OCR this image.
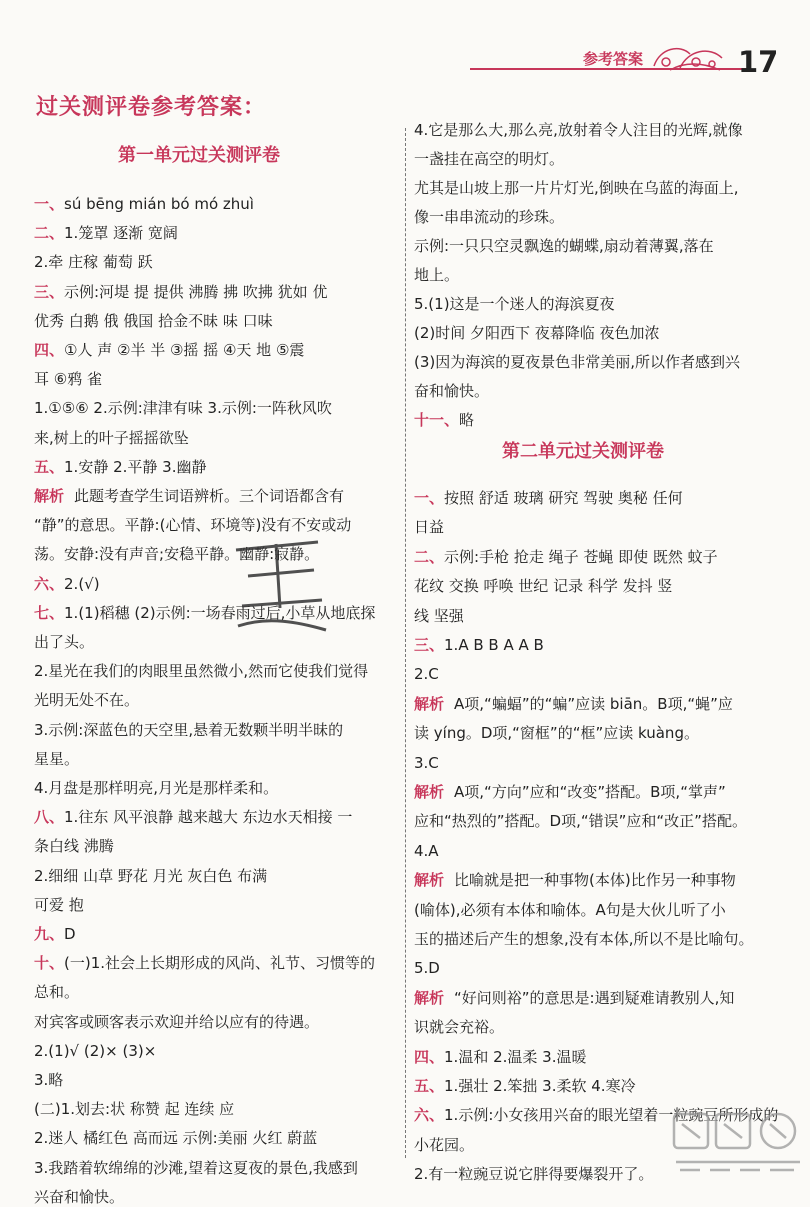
参考答案	17
过关测评卷参考答案：
第一单元过关测评卷
一、sú bēng mián bó mó zhuì
二、1.笼罩 逐渐 宽阔
2.牵 庄稼 葡萄 跃
三、示例:河堤 提 提供 沸腾 拂 吹拂 犹如 优
优秀 白鹅 俄 俄国 拾金不昧 味 口味
四、①人 声 ②半 半 ③摇 摇 ④天 地 ⑤震
耳 ⑥鸦 雀
1.①⑤⑥ 2.示例:津津有味 3.示例:一阵秋风吹
来,树上的叶子摇摇欲坠
五、1.安静 2.平静 3.幽静
解析 此题考查学生词语辨析。三个词语都含有
“静”的意思。平静:(心情、环境等)没有不安或动
荡。安静:没有声音;安稳平静。幽静:寂静。
六、2.(√)
七、1.(1)稻穗 (2)示例:一场春雨过后,小草从地底探
出了头。
2.星光在我们的肉眼里虽然微小,然而它使我们觉得
光明无处不在。
3.示例:深蓝色的天空里,悬着无数颗半明半昧的
星星。
4.月盘是那样明亮,月光是那样柔和。
八、1.往东 风平浪静 越来越大 东边水天相接 一
条白线 沸腾
2.细细 山草 野花 月光 灰白色 布满
可爱 抱
九、D
十、(一)1.社会上长期形成的风尚、礼节、习惯等的
总和。
对宾客或顾客表示欢迎并给以应有的待遇。
2.(1)√ (2)× (3)×
3.略
(二)1.划去:状 称赞 起 连续 应
2.迷人 橘红色 高而远 示例:美丽 火红 蔚蓝
3.我踏着软绵绵的沙滩,望着这夏夜的景色,我感到
兴奋和愉快。
4.它是那么大,那么亮,放射着令人注目的光辉,就像
一盏挂在高空的明灯。
尤其是山坡上那一片片灯光,倒映在乌蓝的海面上,
像一串串流动的珍珠。
示例:一只只空灵飘逸的蝴蝶,扇动着薄翼,落在
地上。
5.(1)这是一个迷人的海滨夏夜
(2)时间 夕阳西下 夜幕降临 夜色加浓
(3)因为海滨的夏夜景色非常美丽,所以作者感到兴
奋和愉快。
十一、略
第二单元过关测评卷
一、按照 舒适 玻璃 研究 驾驶 奥秘 任何
日益
二、示例:手枪 抢走 绳子 苍蝇 即使 既然 蚊子
花纹 交换 呼唤 世纪 记录 科学 发抖 竖
线 坚强
三、1.A B B A A B
2.C
解析 A项,“蝙蝠”的“蝙”应读 biān。B项,“蝇”应
读 yíng。D项,“窗框”的“框”应读 kuàng。
3.C
解析 A项,“方向”应和“改变”搭配。B项,“掌声”
应和“热烈的”搭配。D项,“错误”应和“改正”搭配。
4.A
解析 比喻就是把一种事物(本体)比作另一种事物
(喻体),必须有本体和喻体。A句是大伙儿听了小
玉的描述后产生的想象,没有本体,所以不是比喻句。
5.D
解析 “好问则裕”的意思是:遇到疑难请教别人,知
识就会充裕。
四、1.温和 2.温柔 3.温暖
五、1.强壮 2.笨拙 3.柔软 4.寒冷
六、1.示例:小女孩用兴奋的眼光望着一粒豌豆所形成的
小花园。
2.有一粒豌豆说它胖得要爆裂开了。
